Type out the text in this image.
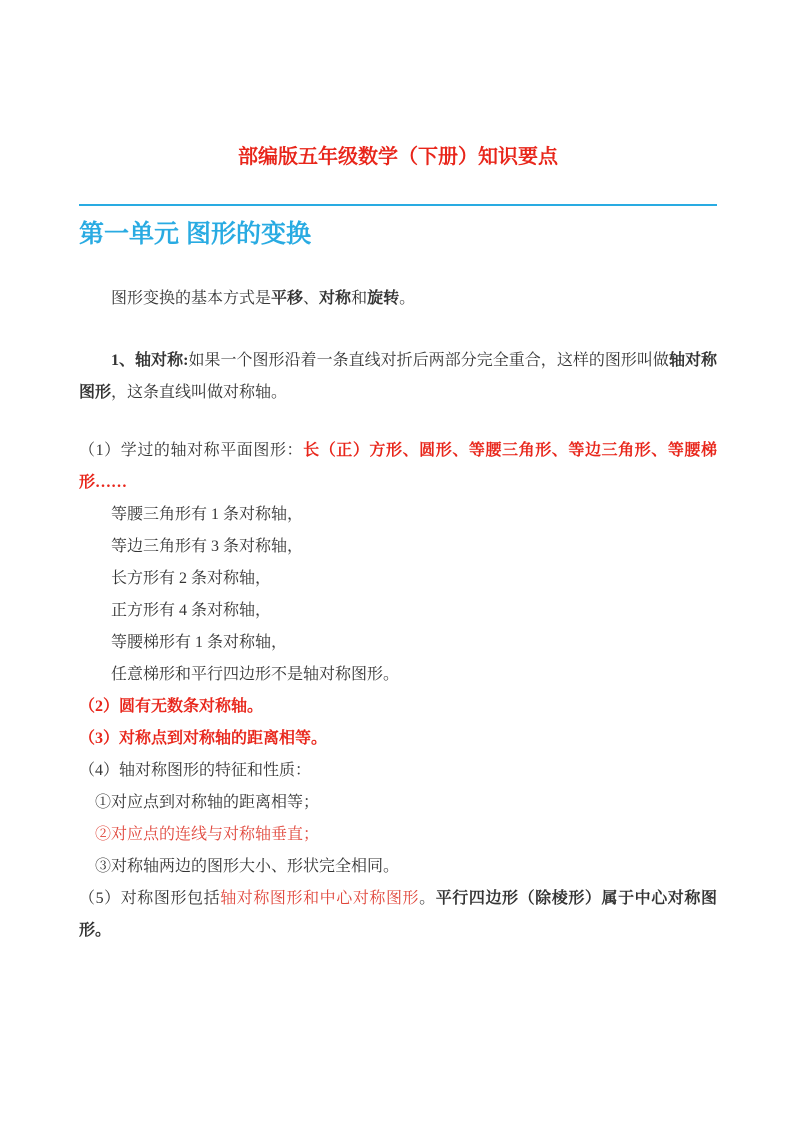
部编版五年级数学（下册）知识要点
第一单元 图形的变换

图形变换的基本方式是平移、对称和旋转。

1、轴对称:如果一个图形沿着一条直线对折后两部分完全重合，这样的图形叫做轴对称图形，这条直线叫做对称轴。

（1）学过的轴对称平面图形：长（正）方形、圆形、等腰三角形、等边三角形、等腰梯形……

等腰三角形有 1 条对称轴，

等边三角形有 3 条对称轴，

长方形有 2 条对称轴，

正方形有 4 条对称轴，

等腰梯形有 1 条对称轴，

任意梯形和平行四边形不是轴对称图形。

（2）圆有无数条对称轴。

（3）对称点到对称轴的距离相等。

（4）轴对称图形的特征和性质：

①对应点到对称轴的距离相等；

②对应点的连线与对称轴垂直；

③对称轴两边的图形大小、形状完全相同。

（5）对称图形包括轴对称图形和中心对称图形。平行四边形（除棱形）属于中心对称图形。
